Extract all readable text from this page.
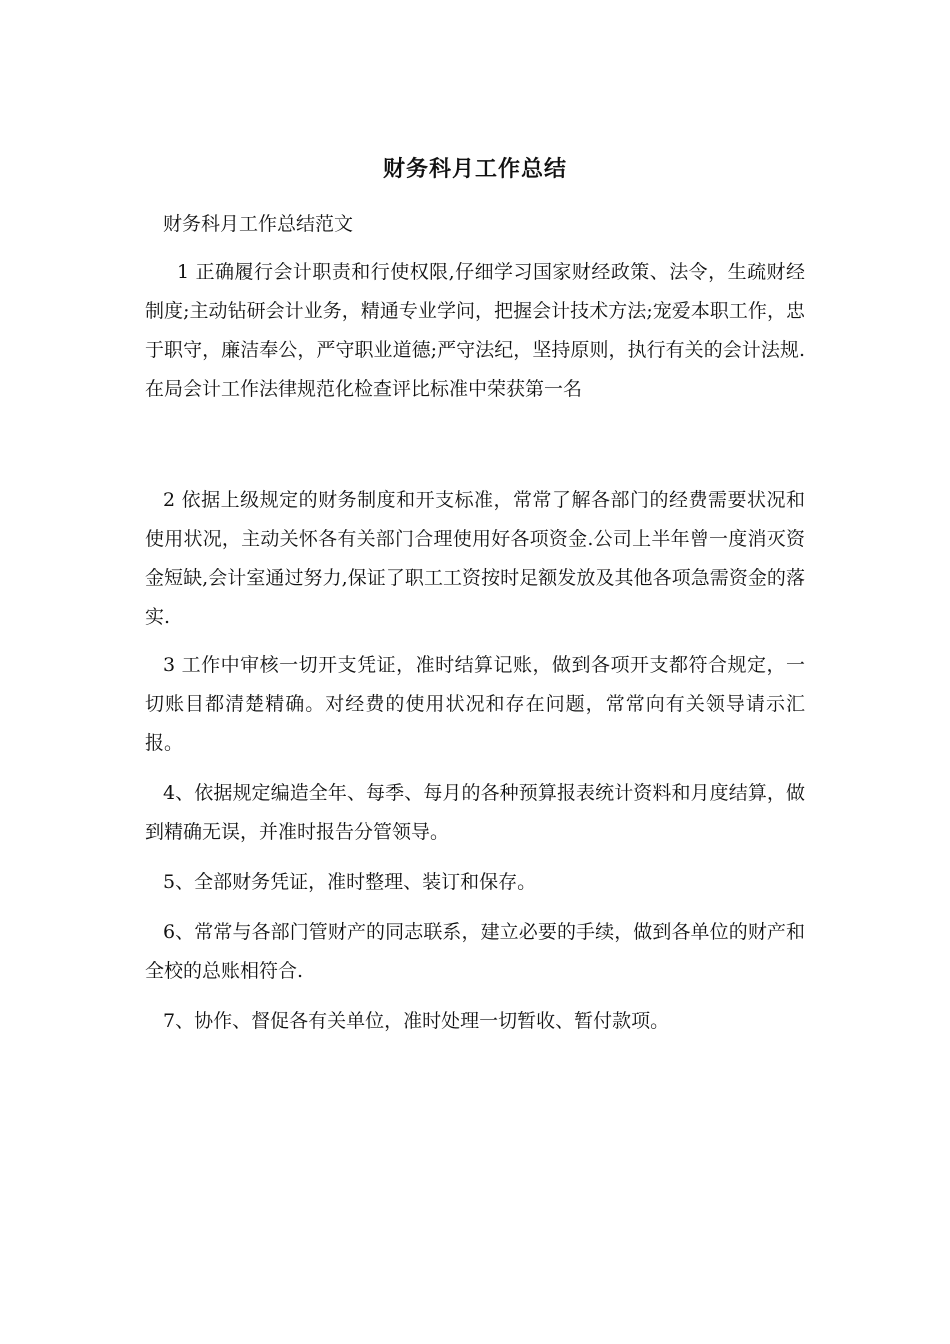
财务科月工作总结

财务科月工作总结范文

1 正确履行会计职责和行使权限,仔细学习国家财经政策、法令，生疏财经制度;主动钻研会计业务，精通专业学问，把握会计技术方法;宠爱本职工作，忠于职守，廉洁奉公，严守职业道德;严守法纪，坚持原则，执行有关的会计法规.在局会计工作法律规范化检查评比标准中荣获第一名

2 依据上级规定的财务制度和开支标准，常常了解各部门的经费需要状况和使用状况，主动关怀各有关部门合理使用好各项资金.公司上半年曾一度消灭资金短缺,会计室通过努力,保证了职工工资按时足额发放及其他各项急需资金的落实.

3 工作中审核一切开支凭证，准时结算记账，做到各项开支都符合规定，一切账目都清楚精确。对经费的使用状况和存在问题，常常向有关领导请示汇报。

4、依据规定编造全年、每季、每月的各种预算报表统计资料和月度结算，做到精确无误，并准时报告分管领导。

5、全部财务凭证，准时整理、装订和保存。

6、常常与各部门管财产的同志联系，建立必要的手续，做到各单位的财产和全校的总账相符合.

7、协作、督促各有关单位，准时处理一切暂收、暂付款项。
